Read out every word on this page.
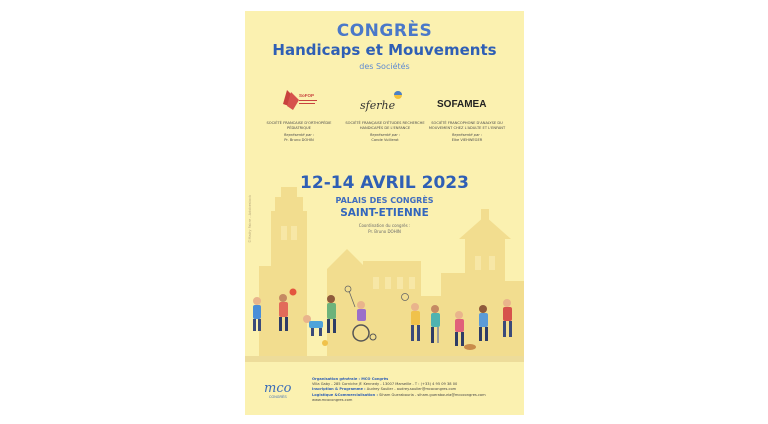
CONGRÈS
Handicaps et Mouvements
des Sociétés
SoFOP
sferhe	SOFAMEA
SOCIÉTÉ FRANCAISE D'ORTHOPÉDIE PÉDIATRIQUE
Représenté par :
Pr. Bruno DOHIN
SOCIÉTÉ FRANÇAISE D'ÉTUDES RECHERCHE HANDICAPÉS DE L'ENFANCE
Représenté par :
Carole Vuillerot
SOCIÉTÉ FRANCOPHONE D'ANALYSE DU MOUVEMENT CHEZ L'ADULTE ET L'ENFANT
Représenté par :
Elke VIEHWEGER
12-14 AVRIL 2023
PALAIS DES CONGRÈS
SAINT-ETIENNE
Coordination du congrès :
Pr. Bruno DOHIN
©Matty Fabre - Adobestock
mco
CONGRÈS
Organisation générale : MCO Congrès
Villa Gaby - 285 Corniche JF. Kennedy - 13007 Marseille - T : (+33) 4 95 09 38 00
Inscription & Programme : Audrey Soulier - audrey.soulier@mcocongres.com
Logistique &Commercialisation : Siham Guerabouria - siham.guerabouria@mcocongres.com
www.mcocongres.com
